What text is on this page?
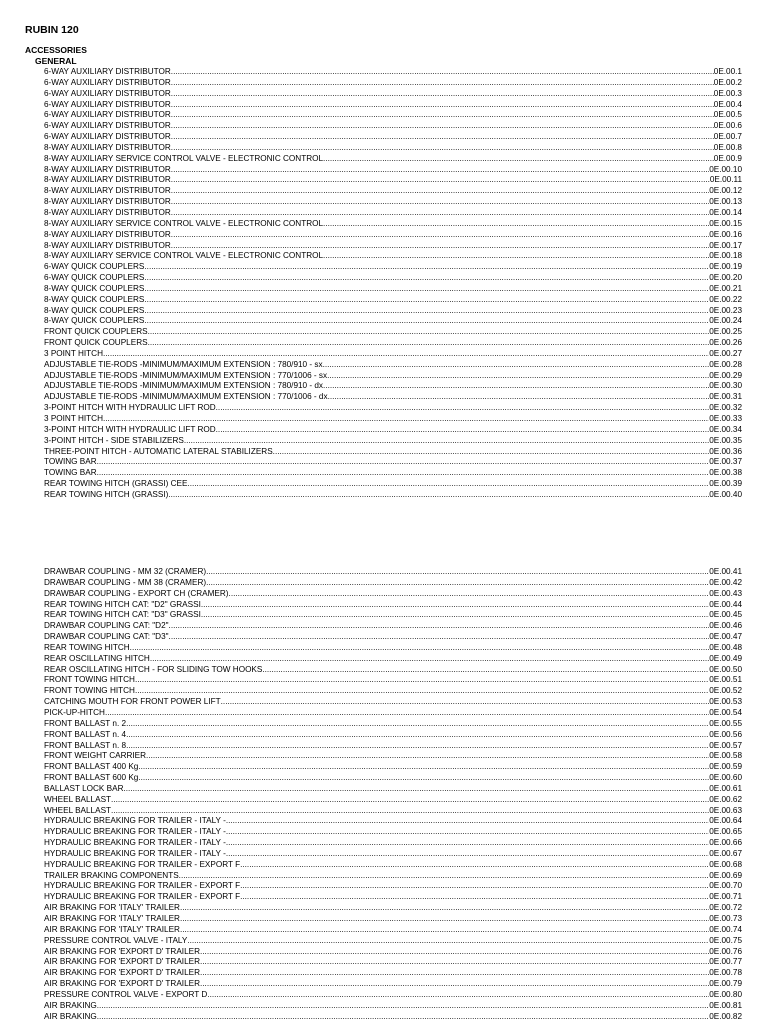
RUBIN 120
ACCESSORIES
GENERAL
6-WAY AUXILIARY DISTRIBUTOR .....	0E.00.1
6-WAY AUXILIARY DISTRIBUTOR .....	0E.00.2
6-WAY AUXILIARY DISTRIBUTOR .....	0E.00.3
6-WAY AUXILIARY DISTRIBUTOR .....	0E.00.4
6-WAY AUXILIARY DISTRIBUTOR .....	0E.00.5
6-WAY AUXILIARY DISTRIBUTOR .....	0E.00.6
6-WAY AUXILIARY DISTRIBUTOR .....	0E.00.7
8-WAY AUXILIARY DISTRIBUTOR .....	0E.00.8
8-WAY AUXILIARY SERVICE CONTROL VALVE - ELECTRONIC CONTROL .....	0E.00.9
8-WAY AUXILIARY DISTRIBUTOR .....	0E.00.10
8-WAY AUXILIARY DISTRIBUTOR .....	0E.00.11
8-WAY AUXILIARY DISTRIBUTOR .....	0E.00.12
8-WAY AUXILIARY DISTRIBUTOR .....	0E.00.13
8-WAY AUXILIARY DISTRIBUTOR .....	0E.00.14
8-WAY AUXILIARY SERVICE CONTROL VALVE - ELECTRONIC CONTROL .....	0E.00.15
8-WAY AUXILIARY DISTRIBUTOR .....	0E.00.16
8-WAY AUXILIARY DISTRIBUTOR .....	0E.00.17
8-WAY AUXILIARY SERVICE CONTROL VALVE - ELECTRONIC CONTROL .....	0E.00.18
6-WAY QUICK COUPLERS .....	0E.00.19
6-WAY QUICK COUPLERS .....	0E.00.20
8-WAY QUICK COUPLERS .....	0E.00.21
8-WAY QUICK COUPLERS .....	0E.00.22
8-WAY QUICK COUPLERS .....	0E.00.23
8-WAY QUICK COUPLERS .....	0E.00.24
FRONT QUICK COUPLERS .....	0E.00.25
FRONT QUICK COUPLERS .....	0E.00.26
3 POINT HITCH .....	0E.00.27
ADJUSTABLE TIE-RODS -MINIMUM/MAXIMUM EXTENSION : 780/910 - sx. .....	0E.00.28
ADJUSTABLE TIE-RODS -MINIMUM/MAXIMUM EXTENSION : 770/1006 - sx. .....	0E.00.29
ADJUSTABLE TIE-RODS -MINIMUM/MAXIMUM EXTENSION : 780/910 - dx. .....	0E.00.30
ADJUSTABLE TIE-RODS -MINIMUM/MAXIMUM EXTENSION : 770/1006 - dx. .....	0E.00.31
3-POINT HITCH WITH HYDRAULIC LIFT ROD .....	0E.00.32
3 POINT HITCH .....	0E.00.33
3-POINT HITCH WITH HYDRAULIC LIFT ROD .....	0E.00.34
3-POINT HITCH - SIDE STABILIZERS .....	0E.00.35
THREE-POINT HITCH - AUTOMATIC LATERAL STABILIZERS .....	0E.00.36
TOWING BAR .....	0E.00.37
TOWING BAR .....	0E.00.38
REAR TOWING HITCH (GRASSI) CEE .....	0E.00.39
REAR TOWING HITCH (GRASSI) .....	0E.00.40
DRAWBAR COUPLING - MM 32 (CRAMER) .....	0E.00.41
DRAWBAR COUPLING - MM 38 (CRAMER) .....	0E.00.42
DRAWBAR COUPLING - EXPORT CH (CRAMER) .....	0E.00.43
REAR TOWING HITCH CAT: "D2" GRASSI .....	0E.00.44
REAR TOWING HITCH CAT: "D3" GRASSI .....	0E.00.45
DRAWBAR COUPLING CAT: "D2" .....	0E.00.46
DRAWBAR COUPLING CAT: "D3" .....	0E.00.47
REAR TOWING HITCH .....	0E.00.48
REAR OSCILLATING HITCH .....	0E.00.49
REAR OSCILLATING HITCH - FOR SLIDING TOW HOOKS .....	0E.00.50
FRONT TOWING HITCH .....	0E.00.51
FRONT TOWING HITCH .....	0E.00.52
CATCHING MOUTH FOR FRONT POWER LIFT .....	0E.00.53
PICK-UP-HITCH .....	0E.00.54
FRONT BALLAST n. 2 .....	0E.00.55
FRONT BALLAST n. 4 .....	0E.00.56
FRONT BALLAST n. 8 .....	0E.00.57
FRONT WEIGHT CARRIER .....	0E.00.58
FRONT BALLAST 400 Kg .....	0E.00.59
FRONT BALLAST 600 Kg .....	0E.00.60
BALLAST LOCK BAR .....	0E.00.61
WHEEL BALLAST .....	0E.00.62
WHEEL BALLAST .....	0E.00.63
HYDRAULIC BREAKING FOR TRAILER - ITALY - .....	0E.00.64
HYDRAULIC BREAKING FOR TRAILER - ITALY - .....	0E.00.65
HYDRAULIC BREAKING FOR TRAILER - ITALY - .....	0E.00.66
HYDRAULIC BREAKING FOR TRAILER - ITALY - .....	0E.00.67
HYDRAULIC BREAKING FOR TRAILER - EXPORT F .....	0E.00.68
TRAILER BRAKING COMPONENTS .....	0E.00.69
HYDRAULIC BREAKING FOR TRAILER - EXPORT F .....	0E.00.70
HYDRAULIC BREAKING FOR TRAILER - EXPORT F .....	0E.00.71
AIR BRAKING FOR 'ITALY' TRAILER .....	0E.00.72
AIR BRAKING FOR 'ITALY' TRAILER .....	0E.00.73
AIR BRAKING FOR 'ITALY' TRAILER .....	0E.00.74
PRESSURE CONTROL VALVE - ITALY .....	0E.00.75
AIR BRAKING FOR 'EXPORT D' TRAILER .....	0E.00.76
AIR BRAKING FOR 'EXPORT D' TRAILER .....	0E.00.77
AIR BRAKING FOR 'EXPORT D' TRAILER .....	0E.00.78
AIR BRAKING FOR 'EXPORT D' TRAILER .....	0E.00.79
PRESSURE CONTROL VALVE - EXPORT D .....	0E.00.80
AIR BRAKING .....	0E.00.81
AIR BRAKING .....	0E.00.82
